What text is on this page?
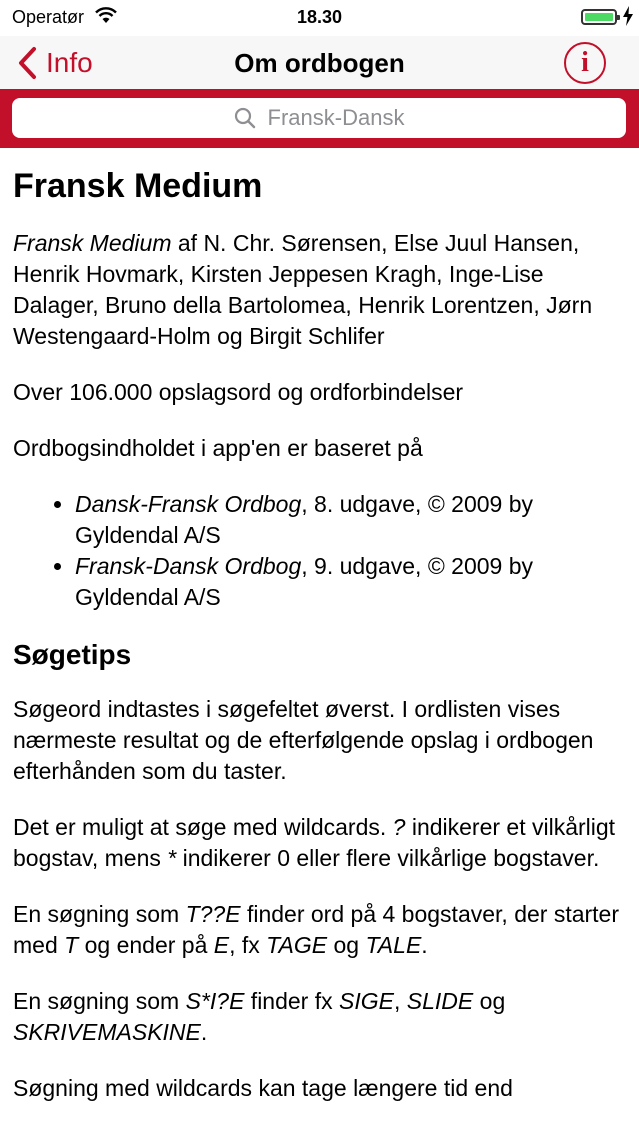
Operatør	18.30
Info	Om ordbogen	i
Fransk-Dansk
Fransk Medium

Fransk Medium af N. Chr. Sørensen, Else Juul Hansen, Henrik Hovmark, Kirsten Jeppesen Kragh, Inge-Lise Dalager, Bruno della Bartolomea, Henrik Lorentzen, Jørn Westengaard-Holm og Birgit Schlifer

Over 106.000 opslagsord og ordforbindelser

Ordbogsindholdet i app'en er baseret på

• Dansk-Fransk Ordbog, 8. udgave, © 2009 by Gyldendal A/S
• Fransk-Dansk Ordbog, 9. udgave, © 2009 by Gyldendal A/S
Søgetips

Søgeord indtastes i søgefeltet øverst. I ordlisten vises nærmeste resultat og de efterfølgende opslag i ordbogen efterhånden som du taster.

Det er muligt at søge med wildcards. ? indikerer et vilkårligt bogstav, mens * indikerer 0 eller flere vilkårlige bogstaver.

En søgning som T??E finder ord på 4 bogstaver, der starter med T og ender på E, fx TAGE og TALE.

En søgning som S*I?E finder fx SIGE, SLIDE og SKRIVEMASKINE.

Søgning med wildcards kan tage længere tid end
